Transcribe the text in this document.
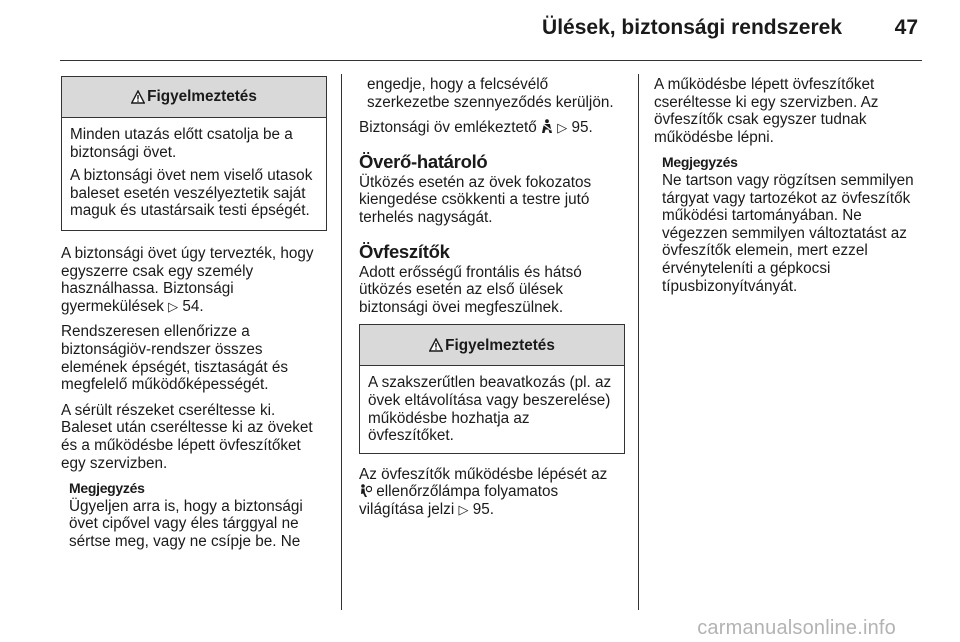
Ülések, biztonsági rendszerek	47
Figyelmeztetés

Minden utazás előtt csatolja be a biztonsági övet.

A biztonsági övet nem viselő utasok baleset esetén veszélyeztetik saját maguk és utastársaik testi épségét.

A biztonsági övet úgy tervezték, hogy egyszerre csak egy személy használhassa. Biztonsági gyermekülések ▷ 54.

Rendszeresen ellenőrizze a biztonságiöv-rendszer összes elemének épségét, tisztaságát és megfelelő működőképességét.

A sérült részeket cseréltesse ki. Baleset után cseréltesse ki az öveket és a működésbe lépett övfeszítőket egy szervizben.

Megjegyzés
Ügyeljen arra is, hogy a biztonsági övet cipővel vagy éles tárggyal ne sértse meg, vagy ne csípje be. Ne
engedje, hogy a felcsévélő szerkezetbe szennyeződés kerüljön.

Biztonsági öv emlékeztető ▷ 95.

Överő-határoló

Ütközés esetén az övek fokozatos kiengedése csökkenti a testre jutó terhelés nagyságát.

Övfeszítők

Adott erősségű frontális és hátsó ütközés esetén az első ülések biztonsági övei megfeszülnek.

Figyelmeztetés
A szakszerűtlen beavatkozás (pl. az övek eltávolítása vagy beszerelése) működésbe hozhatja az övfeszítőket.

Az övfeszítők működésbe lépését az
ellenőrzőlámpa folyamatos világítása jelzi ▷ 95.

A működésbe lépett övfeszítőket cseréltesse ki egy szervizben. Az övfeszítők csak egyszer tudnak működésbe lépni.

Megjegyzés
Ne tartson vagy rögzítsen semmilyen tárgyat vagy tartozékot az övfeszítők működési tartományában. Ne végezzen semmilyen változtatást az övfeszítők elemein, mert ezzel érvényteleníti a gépkocsi típusbizonyítványát.
carmanualsonline.info
